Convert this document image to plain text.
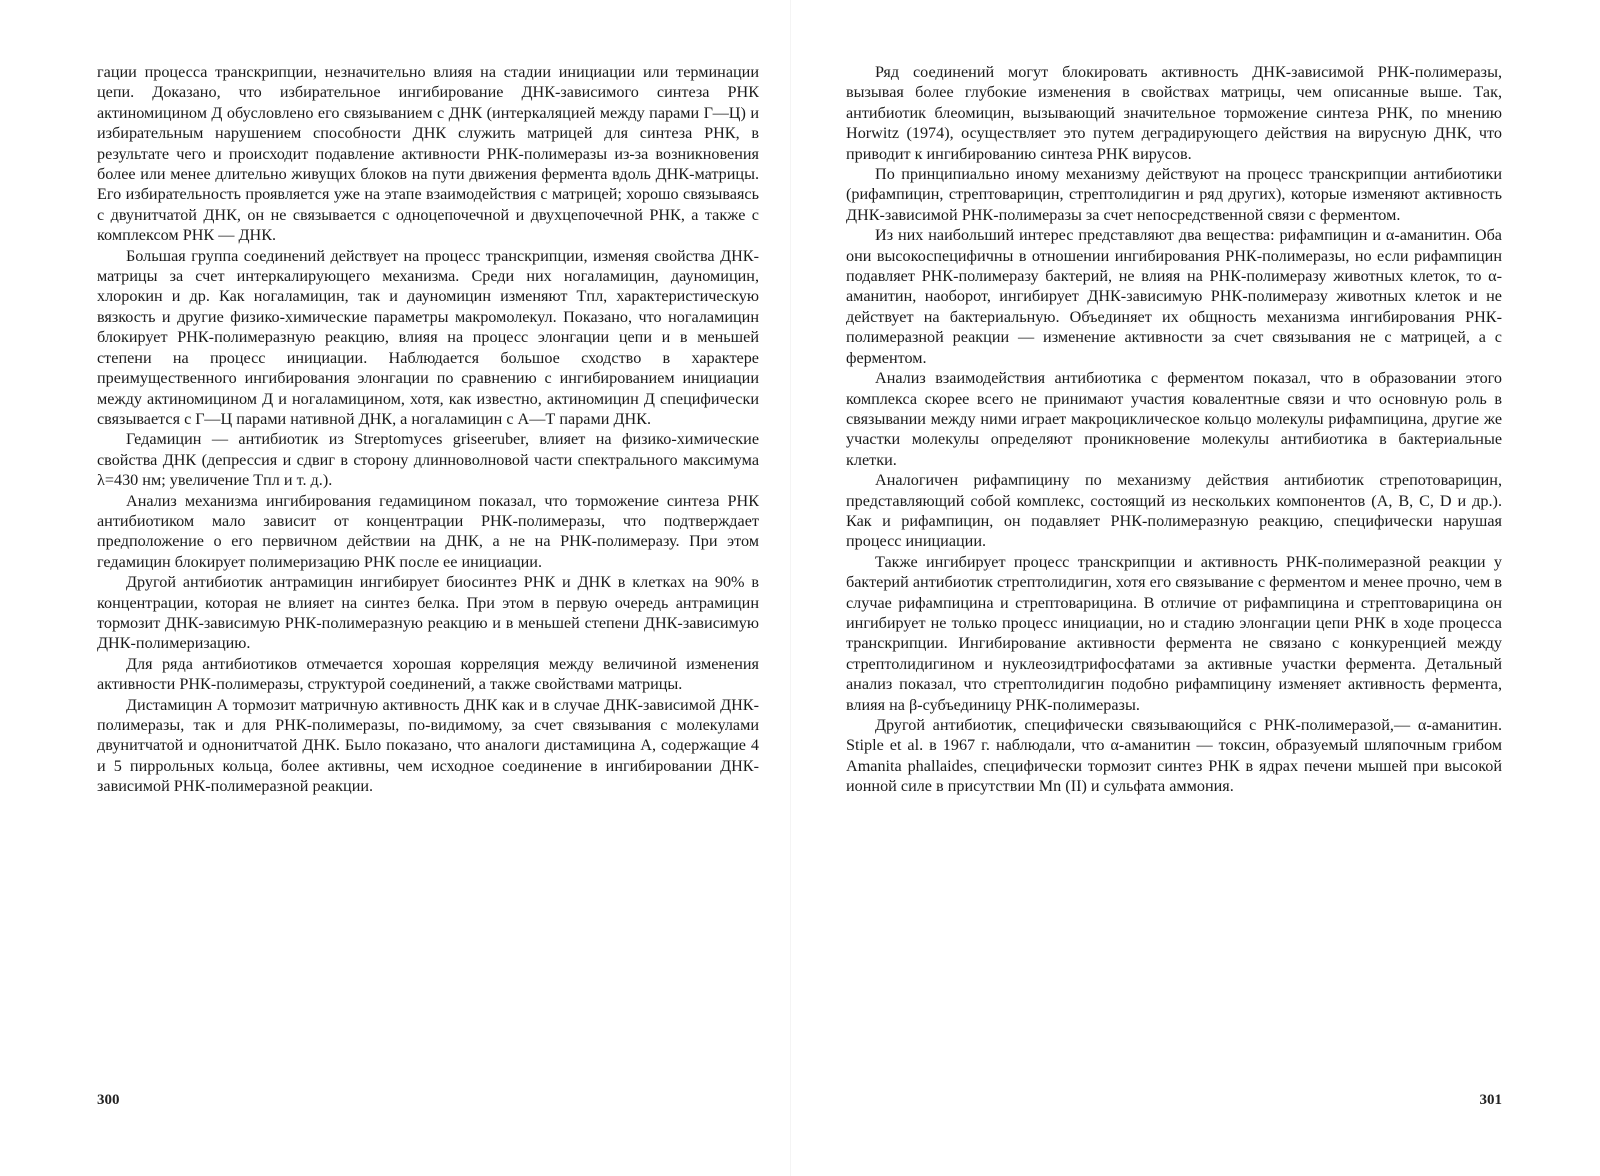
гации процесса транскрипции, незначительно влияя на стадии инициации или терминации цепи. Доказано, что избирательное ингибирование ДНК-зависимого синтеза РНК актиномицином Д обусловлено его связыванием с ДНК (интеркаляцией между парами Г—Ц) и избирательным нарушением способности ДНК служить матрицей для синтеза РНК, в результате чего и происходит подавление активности РНК-полимеразы из-за возникновения более или менее длительно живущих блоков на пути движения фермента вдоль ДНК-матрицы. Его избирательность проявляется уже на этапе взаимодействия с матрицей; хорошо связываясь с двунитчатой ДНК, он не связывается с одноцепочечной и двухцепочечной РНК, а также с комплексом РНК — ДНК.

Большая группа соединений действует на процесс транскрипции, изменяя свойства ДНК-матрицы за счет интеркалирующего механизма. Среди них ногаламицин, дауномицин, хлорокин и др. Как ногаламицин, так и дауномицин изменяют Tпл, характеристическую вязкость и другие физико-химические параметры макромолекул. Показано, что ногаламицин блокирует РНК-полимеразную реакцию, влияя на процесс элонгации цепи и в меньшей степени на процесс инициации. Наблюдается большое сходство в характере преимущественного ингибирования элонгации по сравнению с ингибированием инициации между актиномицином Д и ногаламицином, хотя, как известно, актиномицин Д специфически связывается с Г—Ц парами нативной ДНК, а ногаламицин с А—Т парами ДНК.

Гедамицин — антибиотик из Streptomyces griseeruber, влияет на физико-химические свойства ДНК (депрессия и сдвиг в сторону длинноволновой части спектрального максимума λ=430 нм; увеличение Tпл и т. д.).

Анализ механизма ингибирования гедамицином показал, что торможение синтеза РНК антибиотиком мало зависит от концентрации РНК-полимеразы, что подтверждает предположение о его первичном действии на ДНК, а не на РНК-полимеразу. При этом гедамицин блокирует полимеризацию РНК после ее инициации.

Другой антибиотик антрамицин ингибирует биосинтез РНК и ДНК в клетках на 90% в концентрации, которая не влияет на синтез белка. При этом в первую очередь антрамицин тормозит ДНК-зависимую РНК-полимеразную реакцию и в меньшей степени ДНК-зависимую ДНК-полимеризацию.

Для ряда антибиотиков отмечается хорошая корреляция между величиной изменения активности РНК-полимеразы, структурой соединений, а также свойствами матрицы.

Дистамицин А тормозит матричную активность ДНК как и в случае ДНК-зависимой ДНК-полимеразы, так и для РНК-полимеразы, по-видимому, за счет связывания с молекулами двунитчатой и однонитчатой ДНК. Было показано, что аналоги дистамицина А, содержащие 4 и 5 пиррольных кольца, более активны, чем исходное соединение в ингибировании ДНК-зависимой РНК-полимеразной реакции.

300

Ряд соединений могут блокировать активность ДНК-зависимой РНК-полимеразы, вызывая более глубокие изменения в свойствах матрицы, чем описанные выше. Так, антибиотик блеомицин, вызывающий значительное торможение синтеза РНК, по мнению Horwitz (1974), осуществляет это путем деградирующего действия на вирусную ДНК, что приводит к ингибированию синтеза РНК вирусов.

По принципиально иному механизму действуют на процесс транскрипции антибиотики (рифампицин, стрептоварицин, стрептолидигин и ряд других), которые изменяют активность ДНК-зависимой РНК-полимеразы за счет непосредственной связи с ферментом.

Из них наибольший интерес представляют два вещества: рифампицин и α-аманитин. Оба они высокоспецифичны в отношении ингибирования РНК-полимеразы, но если рифампицин подавляет РНК-полимеразу бактерий, не влияя на РНК-полимеразу животных клеток, то α-аманитин, наоборот, ингибирует ДНК-зависимую РНК-полимеразу животных клеток и не действует на бактериальную. Объединяет их общность механизма ингибирования РНК-полимеразной реакции — изменение активности за счет связывания не с матрицей, а с ферментом.

Анализ взаимодействия антибиотика с ферментом показал, что в образовании этого комплекса скорее всего не принимают участия ковалентные связи и что основную роль в связывании между ними играет макроциклическое кольцо молекулы рифампицина, другие же участки молекулы определяют проникновение молекулы антибиотика в бактериальные клетки.

Аналогичен рифампицину по механизму действия антибиотик стрепотоварицин, представляющий собой комплекс, состоящий из нескольких компонентов (А, В, С, D и др.). Как и рифампицин, он подавляет РНК-полимеразную реакцию, специфически нарушая процесс инициации.

Также ингибирует процесс транскрипции и активность РНК-полимеразной реакции у бактерий антибиотик стрептолидигин, хотя его связывание с ферментом и менее прочно, чем в случае рифампицина и стрептоварицина. В отличие от рифампицина и стрептоварицина он ингибирует не только процесс инициации, но и стадию элонгации цепи РНК в ходе процесса транскрипции. Ингибирование активности фермента не связано с конкуренцией между стрептолидигином и нуклеозидтрифосфатами за активные участки фермента. Детальный анализ показал, что стрептолидигин подобно рифампицину изменяет активность фермента, влияя на β-субъединицу РНК-полимеразы.

Другой антибиотик, специфически связывающийся с РНК-полимеразой,— α-аманитин. Stiple et al. в 1967 г. наблюдали, что α-аманитин — токсин, образуемый шляпочным грибом Amanita phallaides, специфически тормозит синтез РНК в ядрах печени мышей при высокой ионной силе в присутствии Mn (II) и сульфата аммония.

301
